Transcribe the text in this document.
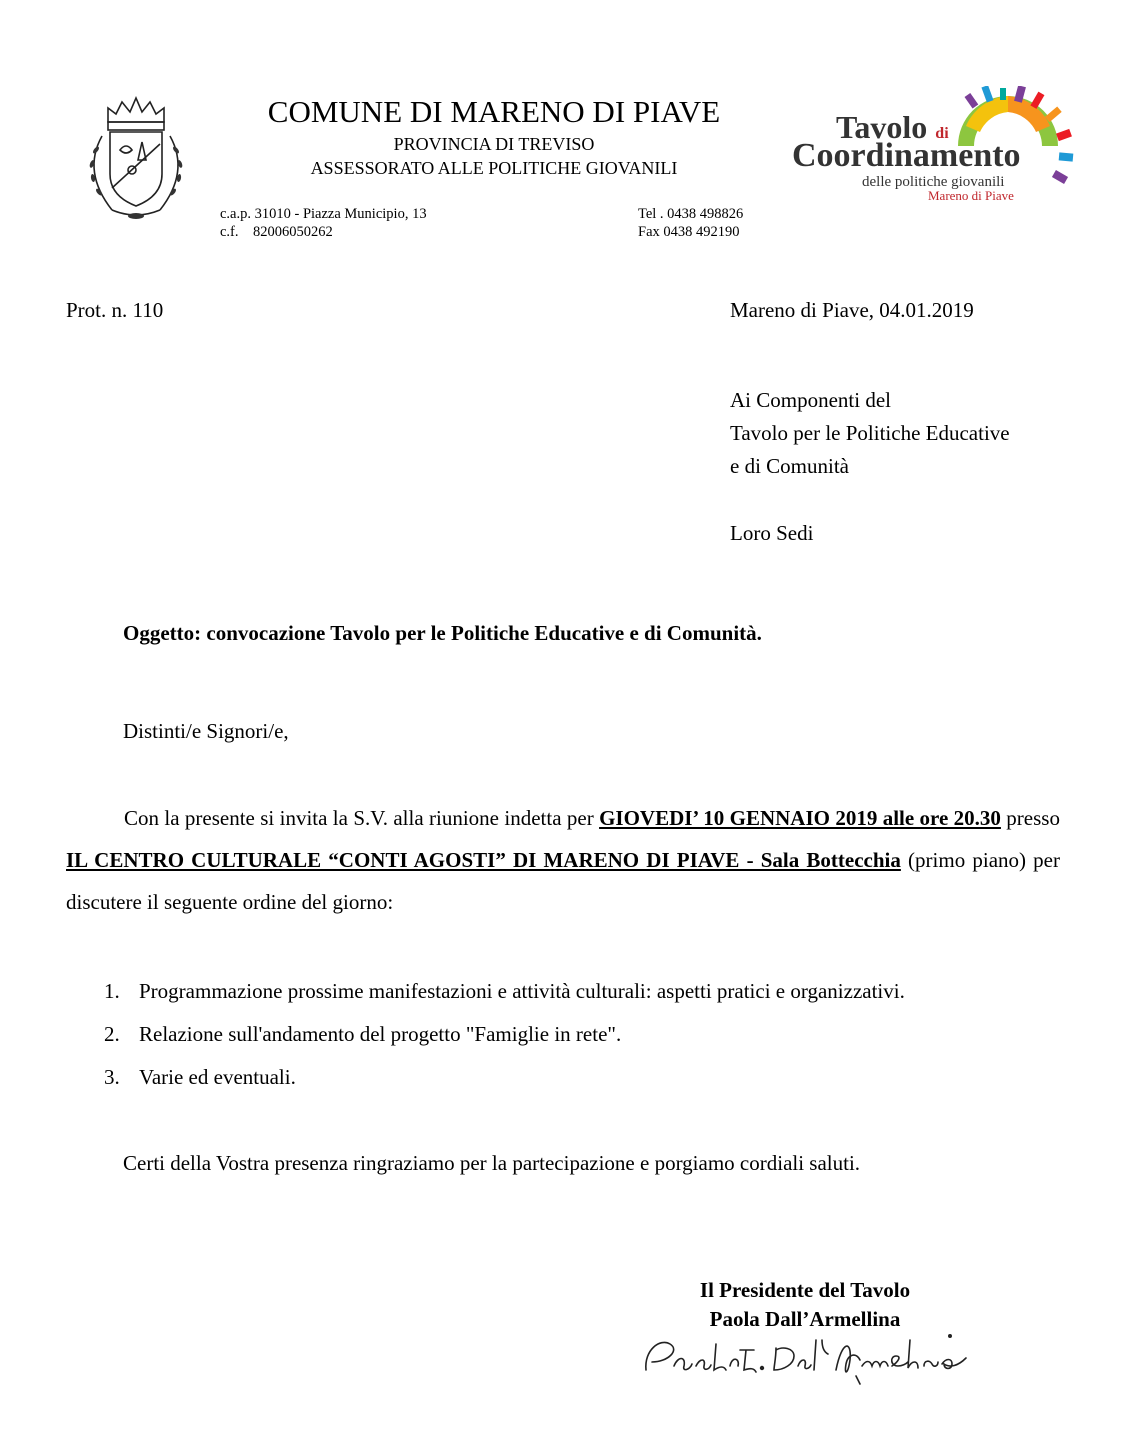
COMUNE DI MARENO DI PIAVE
PROVINCIA DI TREVISO
ASSESSORATO ALLE POLITICHE GIOVANILI
c.a.p. 31010 - Piazza Municipio, 13
c.f.    82006050262
Tel . 0438 498826
Fax 0438 492190
Tavolo di
Coordinamento
delle politiche giovanili
Mareno di Piave
Prot. n. 110	Mareno di Piave, 04.01.2019
Ai Componenti del
Tavolo per le Politiche Educative
e di Comunità
Loro Sedi
Oggetto: convocazione Tavolo per le Politiche Educative e di Comunità.
Distinti/e Signori/e,
Con la presente si invita la S.V. alla riunione indetta per GIOVEDI’ 10 GENNAIO 2019 alle ore 20.30 presso IL CENTRO CULTURALE “CONTI AGOSTI” DI MARENO DI PIAVE - Sala Bottecchia (primo piano) per discutere il seguente ordine del giorno:
1. Programmazione prossime manifestazioni e attività culturali: aspetti pratici e organizzativi.
2. Relazione sull'andamento del progetto "Famiglie in rete".
3. Varie ed eventuali.
Certi della Vostra presenza ringraziamo per la partecipazione e porgiamo cordiali saluti.
Il Presidente del Tavolo
Paola Dall’Armellina
